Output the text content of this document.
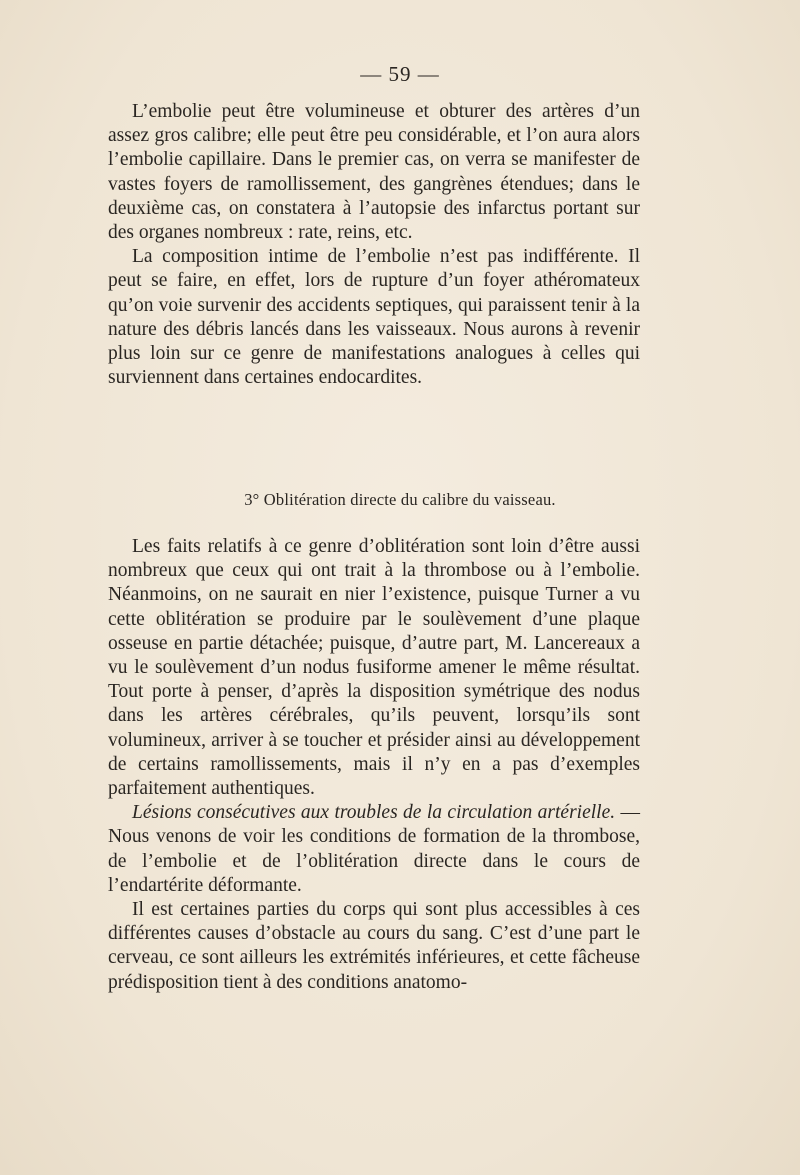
— 59 —

L’embolie peut être volumineuse et obturer des artères d’un assez gros calibre; elle peut être peu considérable, et l’on aura alors l’embolie capillaire. Dans le premier cas, on verra se manifester de vastes foyers de ramollissement, des gangrènes étendues; dans le deuxième cas, on constatera à l’autopsie des infarctus portant sur des organes nombreux : rate, reins, etc.

La composition intime de l’embolie n’est pas indifférente. Il peut se faire, en effet, lors de rupture d’un foyer athéromateux qu’on voie survenir des accidents septiques, qui paraissent tenir à la nature des débris lancés dans les vaisseaux. Nous aurons à revenir plus loin sur ce genre de manifestations analogues à celles qui surviennent dans certaines endocardites.

3° Oblitération directe du calibre du vaisseau.

Les faits relatifs à ce genre d’oblitération sont loin d’être aussi nombreux que ceux qui ont trait à la thrombose ou à l’embolie. Néanmoins, on ne saurait en nier l’existence, puisque Turner a vu cette oblitération se produire par le soulèvement d’une plaque osseuse en partie détachée; puisque, d’autre part, M. Lancereaux a vu le soulèvement d’un nodus fusiforme amener le même résultat. Tout porte à penser, d’après la disposition symétrique des nodus dans les artères cérébrales, qu’ils peuvent, lorsqu’ils sont volumineux, arriver à se toucher et présider ainsi au développement de certains ramollissements, mais il n’y en a pas d’exemples parfaitement authentiques.

Lésions consécutives aux troubles de la circulation artérielle. — Nous venons de voir les conditions de formation de la thrombose, de l’embolie et de l’oblitération directe dans le cours de l’endartérite déformante.

Il est certaines parties du corps qui sont plus accessibles à ces différentes causes d’obstacle au cours du sang. C’est d’une part le cerveau, ce sont ailleurs les extrémités inférieures, et cette fâcheuse prédisposition tient à des conditions anatomo-
